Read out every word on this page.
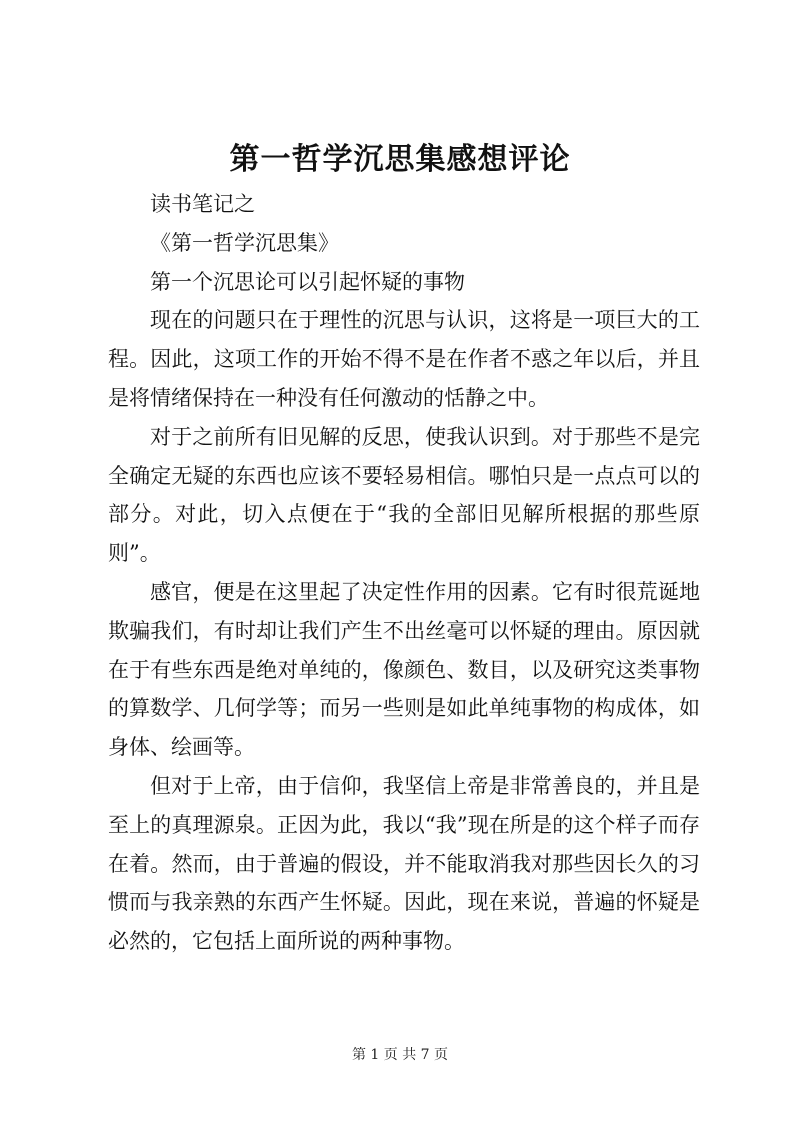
第一哲学沉思集感想评论

读书笔记之

《第一哲学沉思集》

第一个沉思论可以引起怀疑的事物

现在的问题只在于理性的沉思与认识，这将是一项巨大的工程。因此，这项工作的开始不得不是在作者不惑之年以后，并且是将情绪保持在一种没有任何激动的恬静之中。

对于之前所有旧见解的反思，使我认识到。对于那些不是完全确定无疑的东西也应该不要轻易相信。哪怕只是一点点可以的部分。对此，切入点便在于“我的全部旧见解所根据的那些原则”。

感官，便是在这里起了决定性作用的因素。它有时很荒诞地欺骗我们，有时却让我们产生不出丝毫可以怀疑的理由。原因就在于有些东西是绝对单纯的，像颜色、数目，以及研究这类事物的算数学、几何学等；而另一些则是如此单纯事物的构成体，如身体、绘画等。

但对于上帝，由于信仰，我坚信上帝是非常善良的，并且是至上的真理源泉。正因为此，我以“我”现在所是的这个样子而存在着。然而，由于普遍的假设，并不能取消我对那些因长久的习惯而与我亲熟的东西产生怀疑。因此，现在来说，普遍的怀疑是必然的，它包括上面所说的两种事物。

第 1 页 共 7 页
